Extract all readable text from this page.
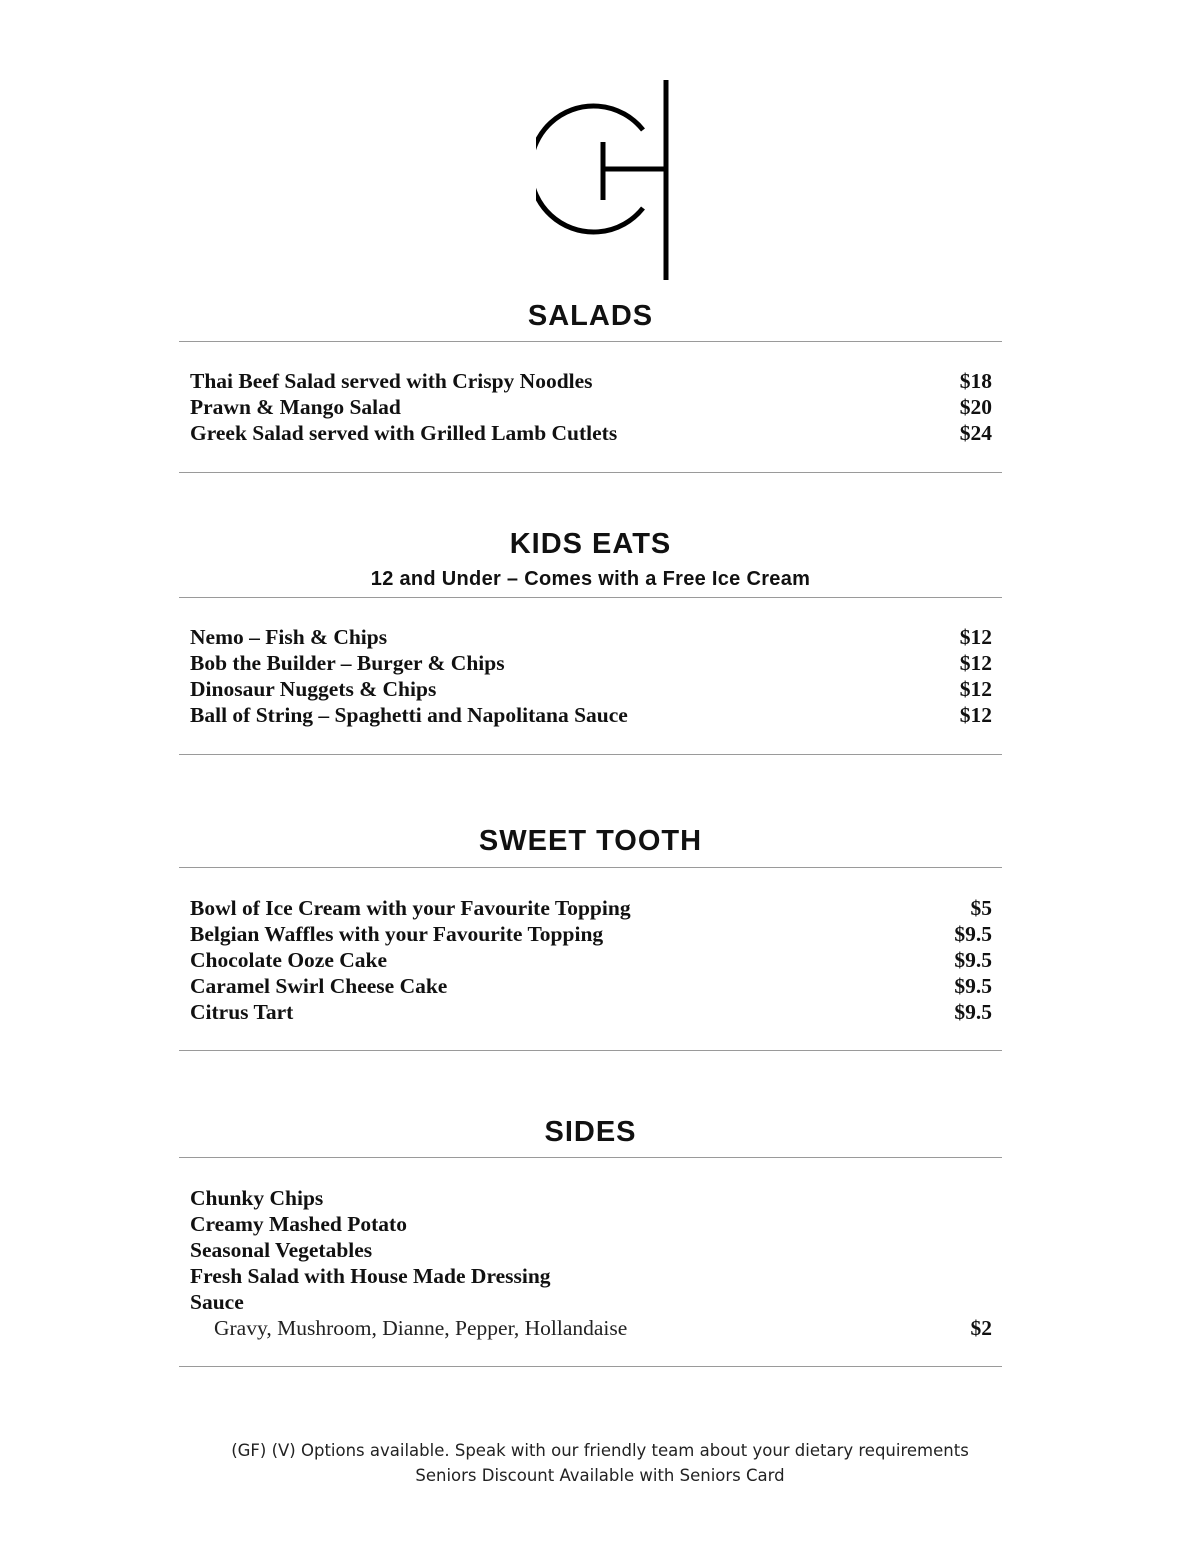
SALADS
Thai Beef Salad served with Crispy Noodles	$18
Prawn & Mango Salad	$20
Greek Salad served with Grilled Lamb Cutlets	$24
KIDS EATS

12 and Under – Comes with a Free Ice Cream

Nemo – Fish & Chips	$12
Bob the Builder – Burger & Chips	$12
Dinosaur Nuggets & Chips	$12
Ball of String – Spaghetti and Napolitana Sauce	$12
SWEET TOOTH
Bowl of Ice Cream with your Favourite Topping	$5
Belgian Waffles with your Favourite Topping	$9.5
Chocolate Ooze Cake	$9.5
Caramel Swirl Cheese Cake	$9.5
Citrus Tart	$9.5
SIDES
Chunky Chips
Creamy Mashed Potato
Seasonal Vegetables
Fresh Salad with House Made Dressing
Sauce
Gravy, Mushroom, Dianne, Pepper, Hollandaise	$2
(GF) (V) Options available. Speak with our friendly team about your dietary requirements
Seniors Discount Available with Seniors Card
